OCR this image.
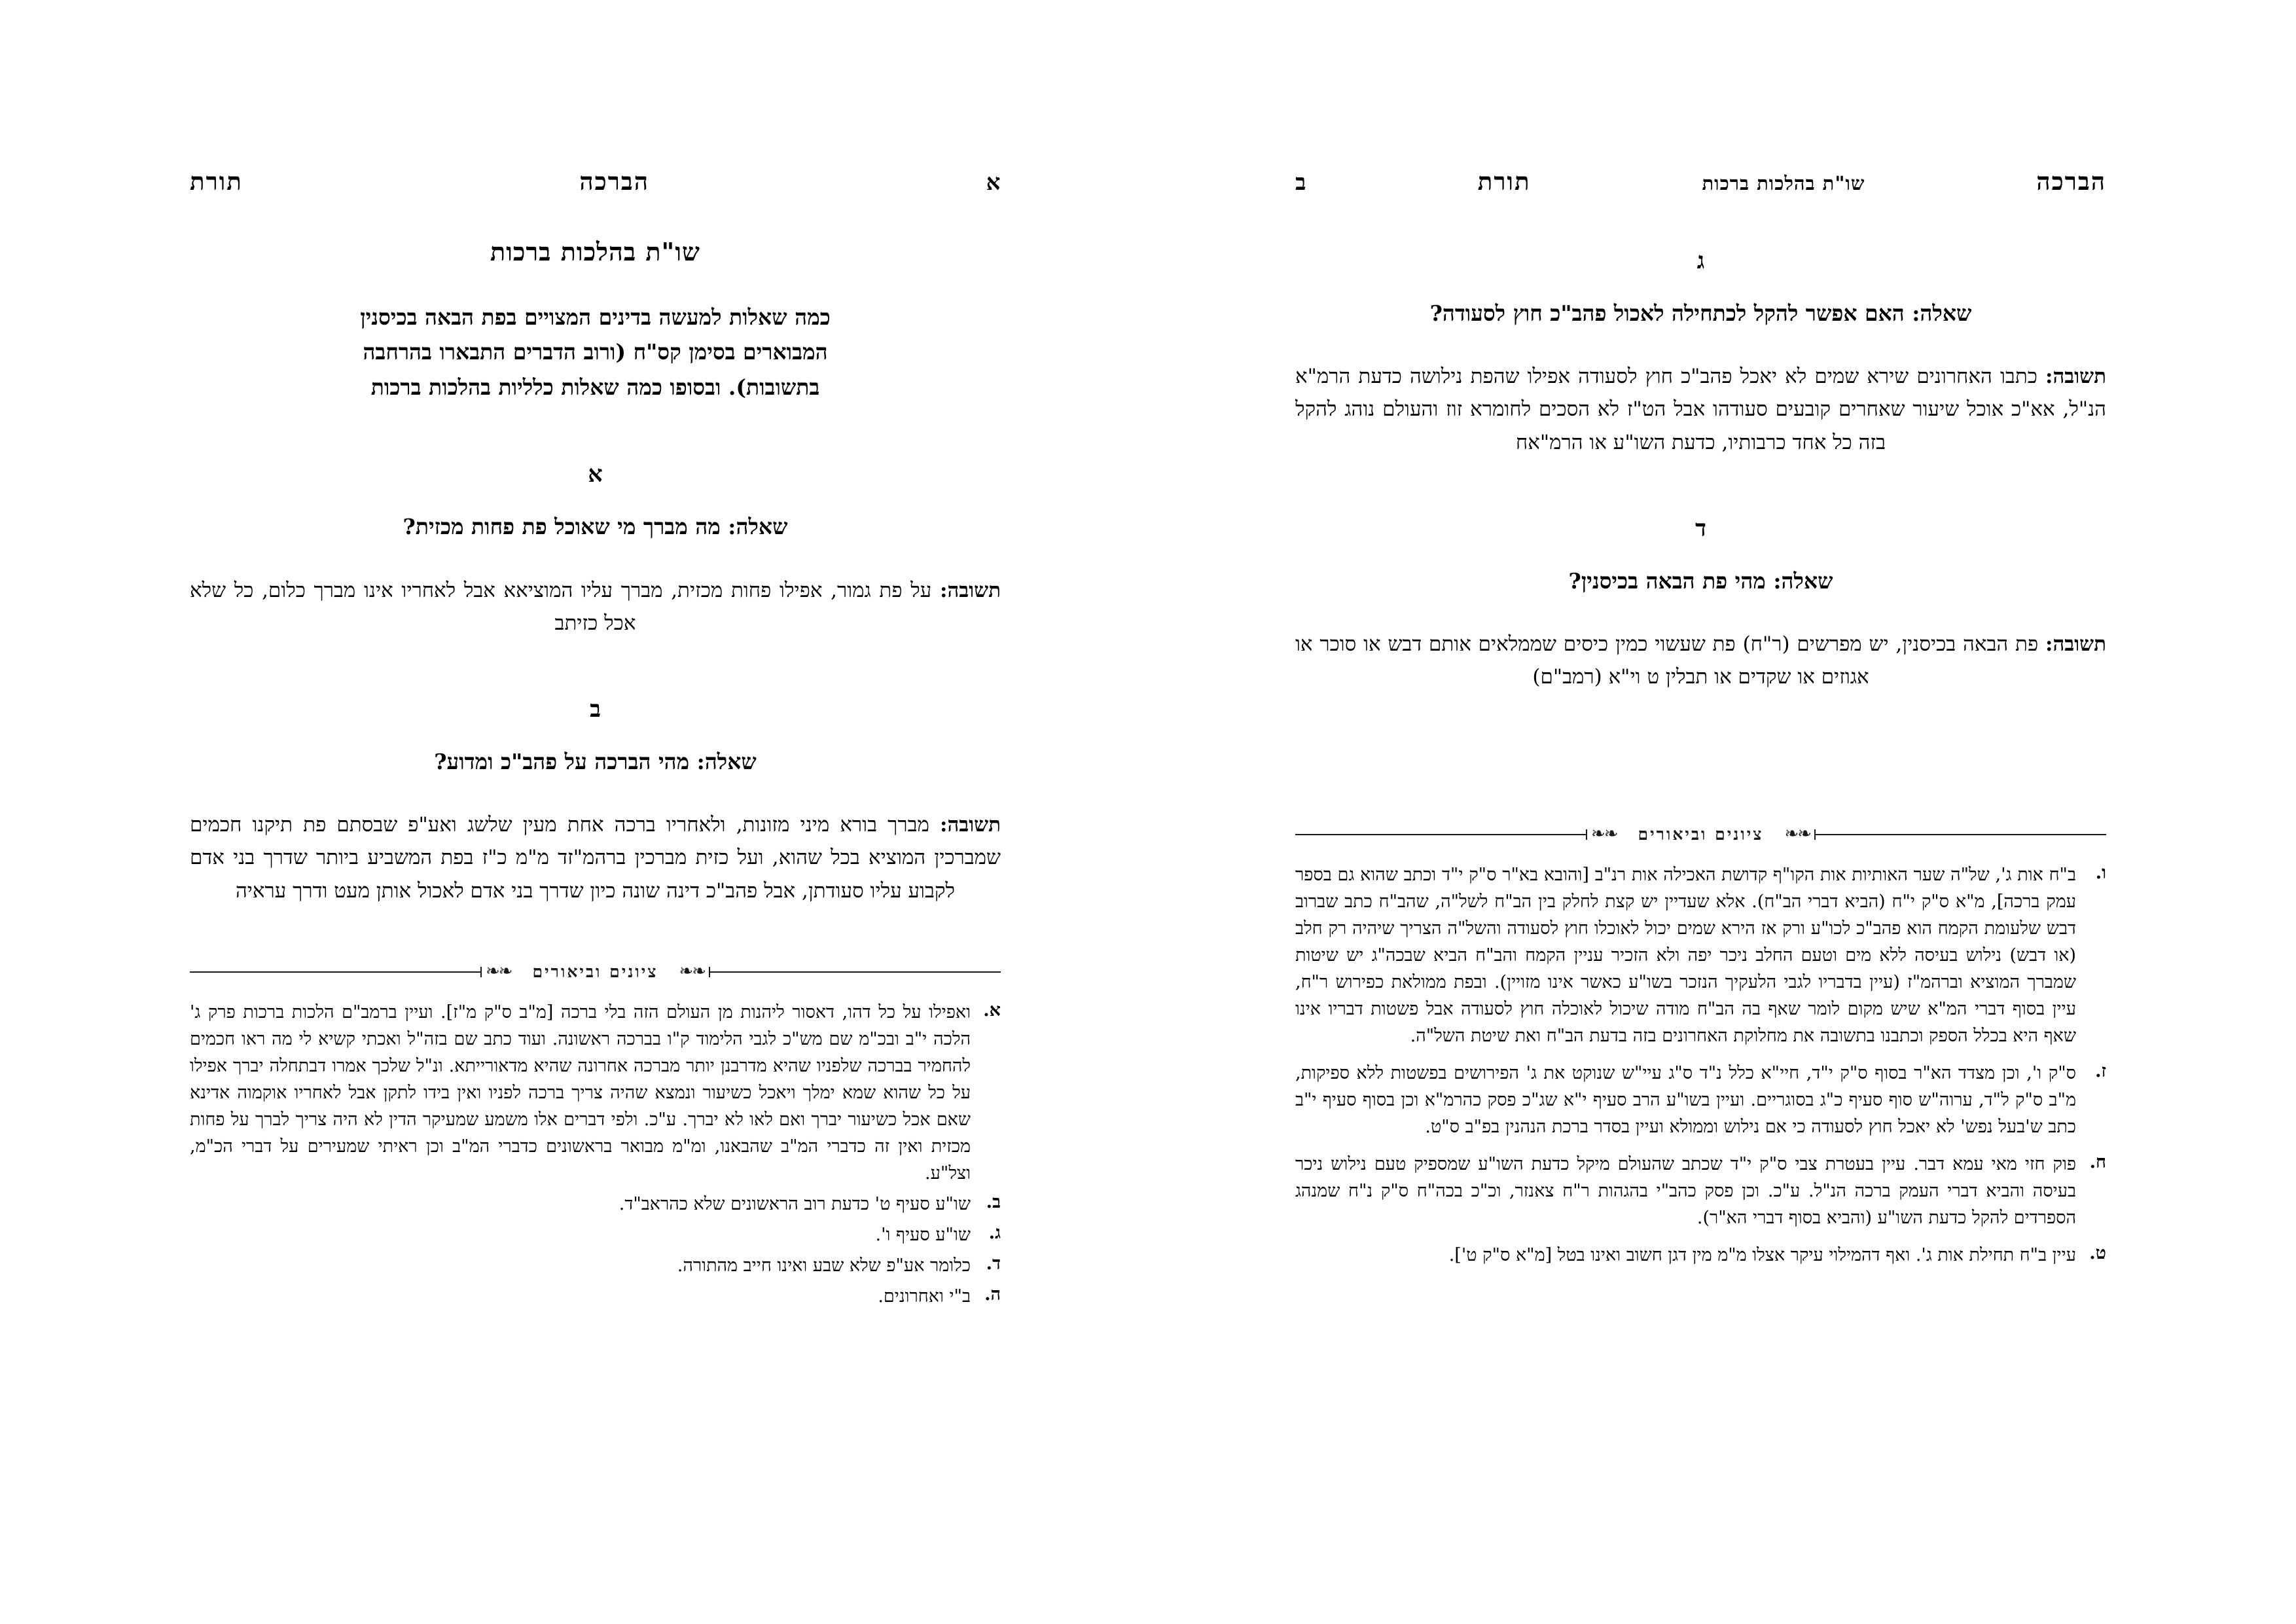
א
הברכה
תורת
שו"ת בהלכות ברכות
כמה שאלות למעשה בדינים המצויים בפת הבאה בכיסנין
המבוארים בסימן קס"ח (ורוב הדברים התבארו בהרחבה
בתשובות). ובסופו כמה שאלות כלליות בהלכות ברכות
א
שאלה: מה מברך מי שאוכל פת פחות מכזית?
תשובה: על פת גמור, אפילו פחות מכזית, מברך עליו המוציאא אבל לאחריו אינו מברך כלום, כל שלא אכל כזיתב
ב
שאלה: מהי הברכה על פהב"כ ומדוע?
תשובה: מברך בורא מיני מזונות, ולאחריו ברכה אחת מעין שלשג ואע"פ שבסתם פת תיקנו חכמים שמברכין המוציא בכל שהוא, ועל כזית מברכין ברהמ"זד מ"מ כ"ז בפת המשביע ביותר שדרך בני אדם לקבוע עליו סעודתן, אבל פהב"כ דינה שונה כיון שדרך בני אדם לאכול אותן מעט ודרך עראיה
❧❧
ציונים וביאורים
❧❧
א.
ואפילו על כל דהו, דאסור ליהנות מן העולם הזה בלי ברכה [מ"ב ס"ק מ"ז]. ועיין ברמב"ם הלכות ברכות פרק ג' הלכה י"ב ובכ"מ שם מש"כ לגבי הלימוד ק"ו בברכה ראשונה. ועוד כתב שם בזה"ל ואכתי קשיא לי מה ראו חכמים להחמיר בברכה שלפניו שהיא מדרבנן יותר מברכה אחרונה שהיא מדאורייתא. ונ"ל שלכך אמרו דבתחלה יברך אפילו על כל שהוא שמא ימלך ויאכל כשיעור ונמצא שהיה צריך ברכה לפניו ואין בידו לתקן אבל לאחריו אוקמוה אדינא שאם אכל כשיעור יברך ואם לאו לא יברך. ע"כ. ולפי דברים אלו משמע שמעיקר הדין לא היה צריך לברך על פחות מכזית ואין זה כדברי המ"ב שהבאנו, ומ"מ מבואר בראשונים כדברי המ"ב וכן ראיתי שמעירים על דברי הכ"מ, וצל"ע.
ב.
שו"ע סעיף ט' כדעת רוב הראשונים שלא כהראב"ד.
ג.
שו"ע סעיף ו'.
ד.
כלומר אע"פ שלא שבע ואינו חייב מהתורה.
ה.
ב"י ואחרונים.
הברכה
שו"ת בהלכות ברכות
תורת
ב
ג
שאלה: האם אפשר להקל לכתחילה לאכול פהב"כ חוץ לסעודה?
תשובה: כתבו האחרונים שירא שמים לא יאכל פהב"כ חוץ לסעודה אפילו שהפת נילושה כדעת הרמ"א הנ"ל, אא"כ אוכל שיעור שאחרים קובעים סעודהו אבל הט"ז לא הסכים לחומרא זוז והעולם נוהג להקל בזה כל אחד כרבותיו, כדעת השו"ע או הרמ"אח
ד
שאלה: מהי פת הבאה בכיסנין?
תשובה: פת הבאה בכיסנין, יש מפרשים (ר"ח) פת שעשוי כמין כיסים שממלאים אותם דבש או סוכר או אגוזים או שקדים או תבלין ט וי"א (רמב"ם)
❧❧
ציונים וביאורים
❧❧
ו.
ב"ח אות ג', של"ה שער האותיות אות הקו"ף קדושת האכילה אות רנ"ב [והובא בא"ר ס"ק י"ד וכתב שהוא גם בספר עמק ברכה], מ"א ס"ק י"ח (הביא דברי הב"ח). אלא שעדיין יש קצת לחלק בין הב"ח לשל"ה, שהב"ח כתב שברוב דבש שלעומת הקמח הוא פהב"כ לכו"ע ורק אז הירא שמים יכול לאוכלו חוץ לסעודה והשל"ה הצריך שיהיה רק חלב (או דבש) נילוש בעיסה ללא מים וטעם החלב ניכר יפה ולא הזכיר עניין הקמח והב"ח הביא שבכה"ג יש שיטות שמברך המוציא וברהמ"ז (עיין בדבריו לגבי הלעקיך הנזכר בשו"ע כאשר אינו מזויין). ובפת ממולאת כפירוש ר"ח, עיין בסוף דברי המ"א שיש מקום לומר שאף בה הב"ח מודה שיכול לאוכלה חוץ לסעודה אבל פשטות דבריו אינו שאף היא בכלל הספק וכתבנו בתשובה את מחלוקת האחרונים בזה בדעת הב"ח ואת שיטת השל"ה.
ז.
ס"ק ו', וכן מצדד הא"ר בסוף ס"ק י"ד, חיי"א כלל נ"ד ס"ג עיי"ש שנוקט את ג' הפירושים בפשטות ללא ספיקות, מ"ב ס"ק ל"ד, ערוה"ש סוף סעיף כ"ג בסוגריים. ועיין בשו"ע הרב סעיף י"א שג"כ פסק כהרמ"א וכן בסוף סעיף י"ב כתב ש'בעל נפש' לא יאכל חוץ לסעודה כי אם נילוש וממולא ועיין בסדר ברכת הנהנין בפ"ב ס"ט.
ח.
פוק חזי מאי עמא דבר. עיין בעטרת צבי ס"ק י"ד שכתב שהעולם מיקל כדעת השו"ע שמספיק טעם נילוש ניכר בעיסה והביא דברי העמק ברכה הנ"ל. ע"כ. וכן פסק כהב"י בהגהות ר"ח צאנזר, וכ"כ בכה"ח ס"ק נ"ח שמנהג הספרדים להקל כדעת השו"ע (והביא בסוף דברי הא"ר).
ט.
עיין ב"ח תחילת אות ג'. ואף דהמילוי עיקר אצלו מ"מ מין דגן חשוב ואינו בטל [מ"א ס"ק ט'].
